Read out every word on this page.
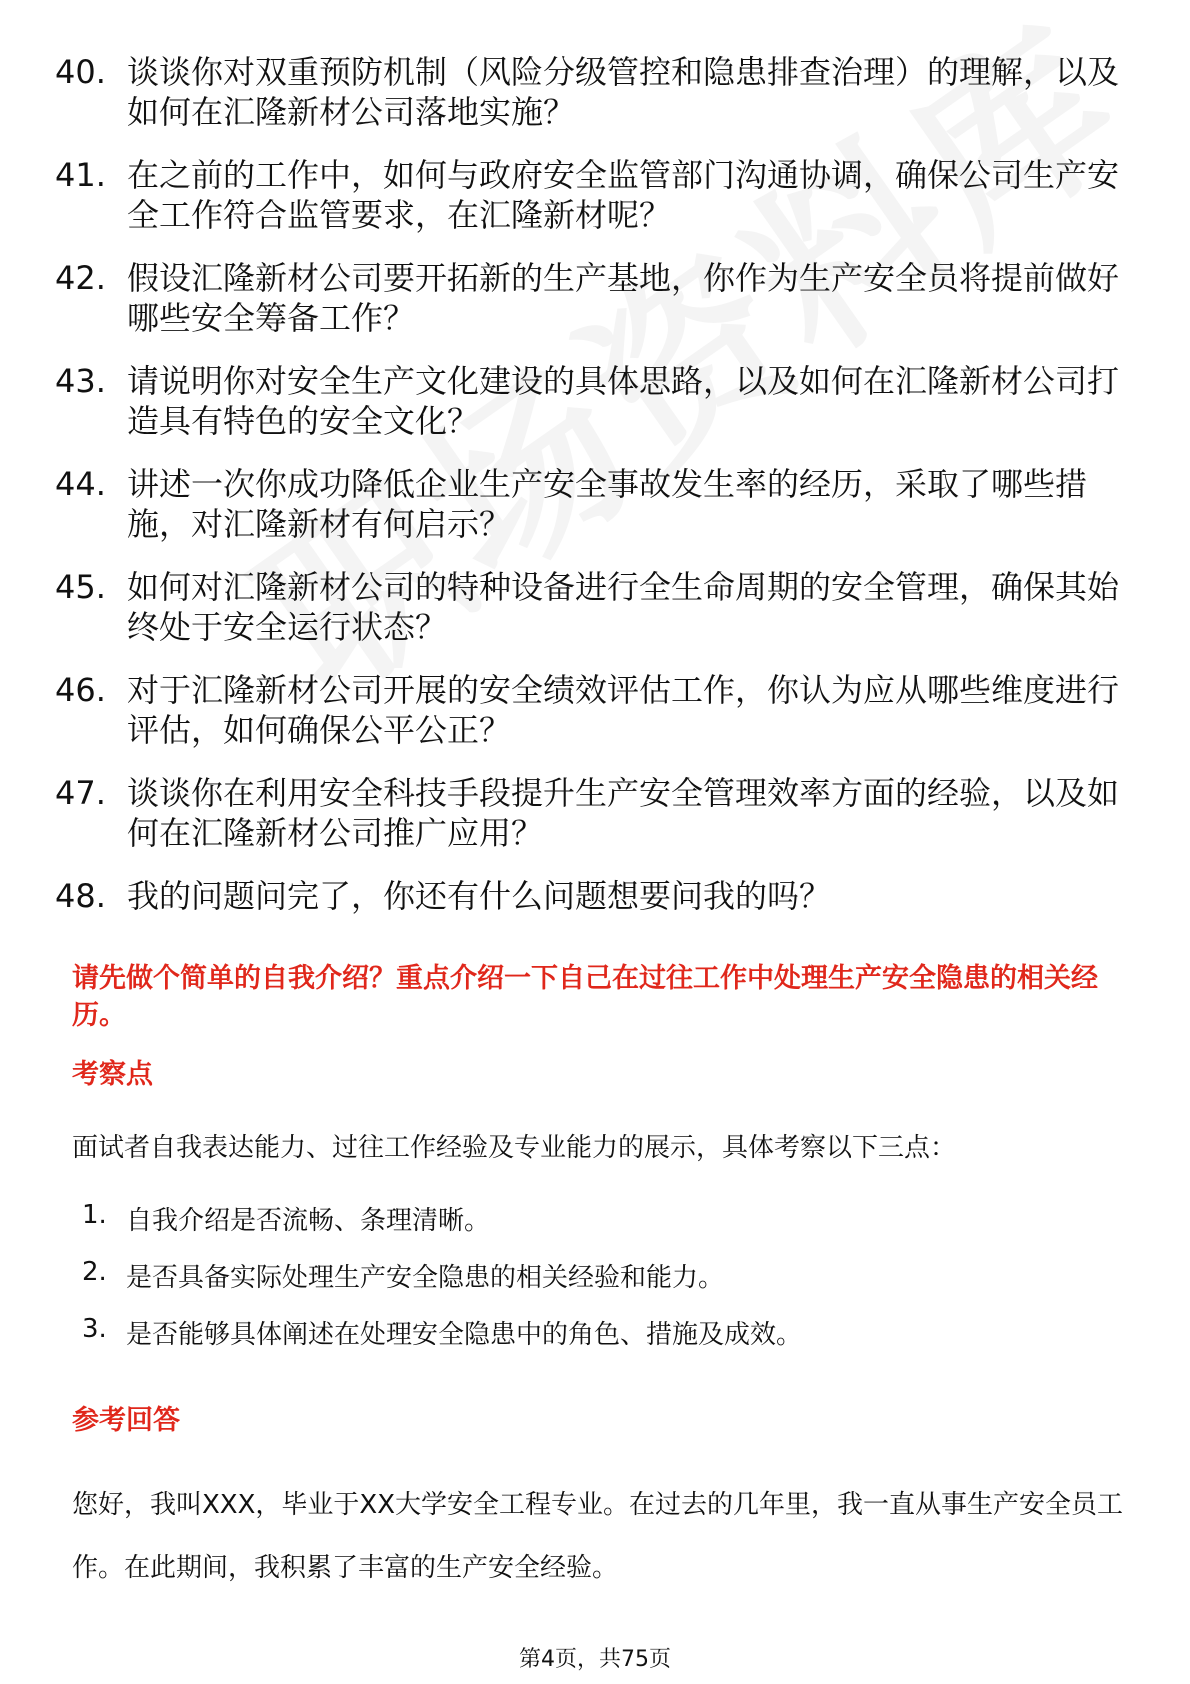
40. 谈谈你对双重预防机制（风险分级管控和隐患排查治理）的理解，以及如何在汇隆新材公司落地实施？
41. 在之前的工作中，如何与政府安全监管部门沟通协调，确保公司生产安全工作符合监管要求，在汇隆新材呢？
42. 假设汇隆新材公司要开拓新的生产基地，你作为生产安全员将提前做好哪些安全筹备工作？
43. 请说明你对安全生产文化建设的具体思路，以及如何在汇隆新材公司打造具有特色的安全文化？
44. 讲述一次你成功降低企业生产安全事故发生率的经历，采取了哪些措施，对汇隆新材有何启示？
45. 如何对汇隆新材公司的特种设备进行全生命周期的安全管理，确保其始终处于安全运行状态？
46. 对于汇隆新材公司开展的安全绩效评估工作，你认为应从哪些维度进行评估，如何确保公平公正？
47. 谈谈你在利用安全科技手段提升生产安全管理效率方面的经验，以及如何在汇隆新材公司推广应用？
48. 我的问题问完了，你还有什么问题想要问我的吗？
请先做个简单的自我介绍？重点介绍一下自己在过往工作中处理生产安全隐患的相关经历。
考察点
面试者自我表达能力、过往工作经验及专业能力的展示，具体考察以下三点：
1. 自我介绍是否流畅、条理清晰。
2. 是否具备实际处理生产安全隐患的相关经验和能力。
3. 是否能够具体阐述在处理安全隐患中的角色、措施及成效。
参考回答
您好，我叫XXX，毕业于XX大学安全工程专业。在过去的几年里，我一直从事生产安全员工作。在此期间，我积累了丰富的生产安全经验。
第4页，共75页
